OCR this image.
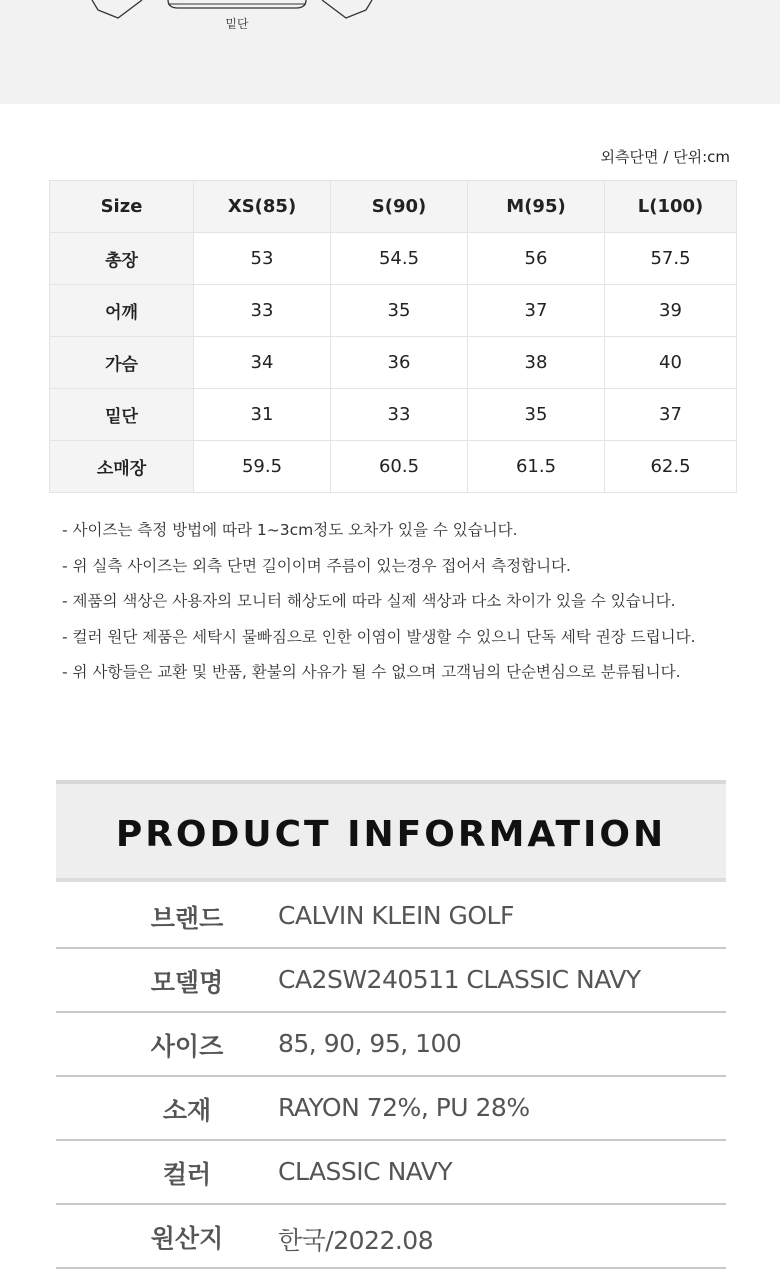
밑단
외측단면 / 단위:cm
Size	XS(85)	S(90)	M(95)	L(100)
총장	53	54.5	56	57.5
어깨	33	35	37	39
가슴	34	36	38	40
밑단	31	33	35	37
소매장	59.5	60.5	61.5	62.5
- 사이즈는 측정 방법에 따라 1~3cm정도 오차가 있을 수 있습니다.
- 위 실측 사이즈는 외측 단면 길이이며 주름이 있는경우 접어서 측정합니다.
- 제품의 색상은 사용자의 모니터 해상도에 따라 실제 색상과 다소 차이가 있을 수 있습니다.
- 컬러 원단 제품은 세탁시 물빠짐으로 인한 이염이 발생할 수 있으니 단독 세탁 권장 드립니다.
- 위 사항들은 교환 및 반품, 환불의 사유가 될 수 없으며 고객님의 단순변심으로 분류됩니다.
PRODUCT INFORMATION
브랜드	CALVIN KLEIN GOLF
모델명	CA2SW240511 CLASSIC NAVY
사이즈	85, 90, 95, 100
소재	RAYON 72%, PU 28%
컬러	CLASSIC NAVY
원산지	한국/2022.08
